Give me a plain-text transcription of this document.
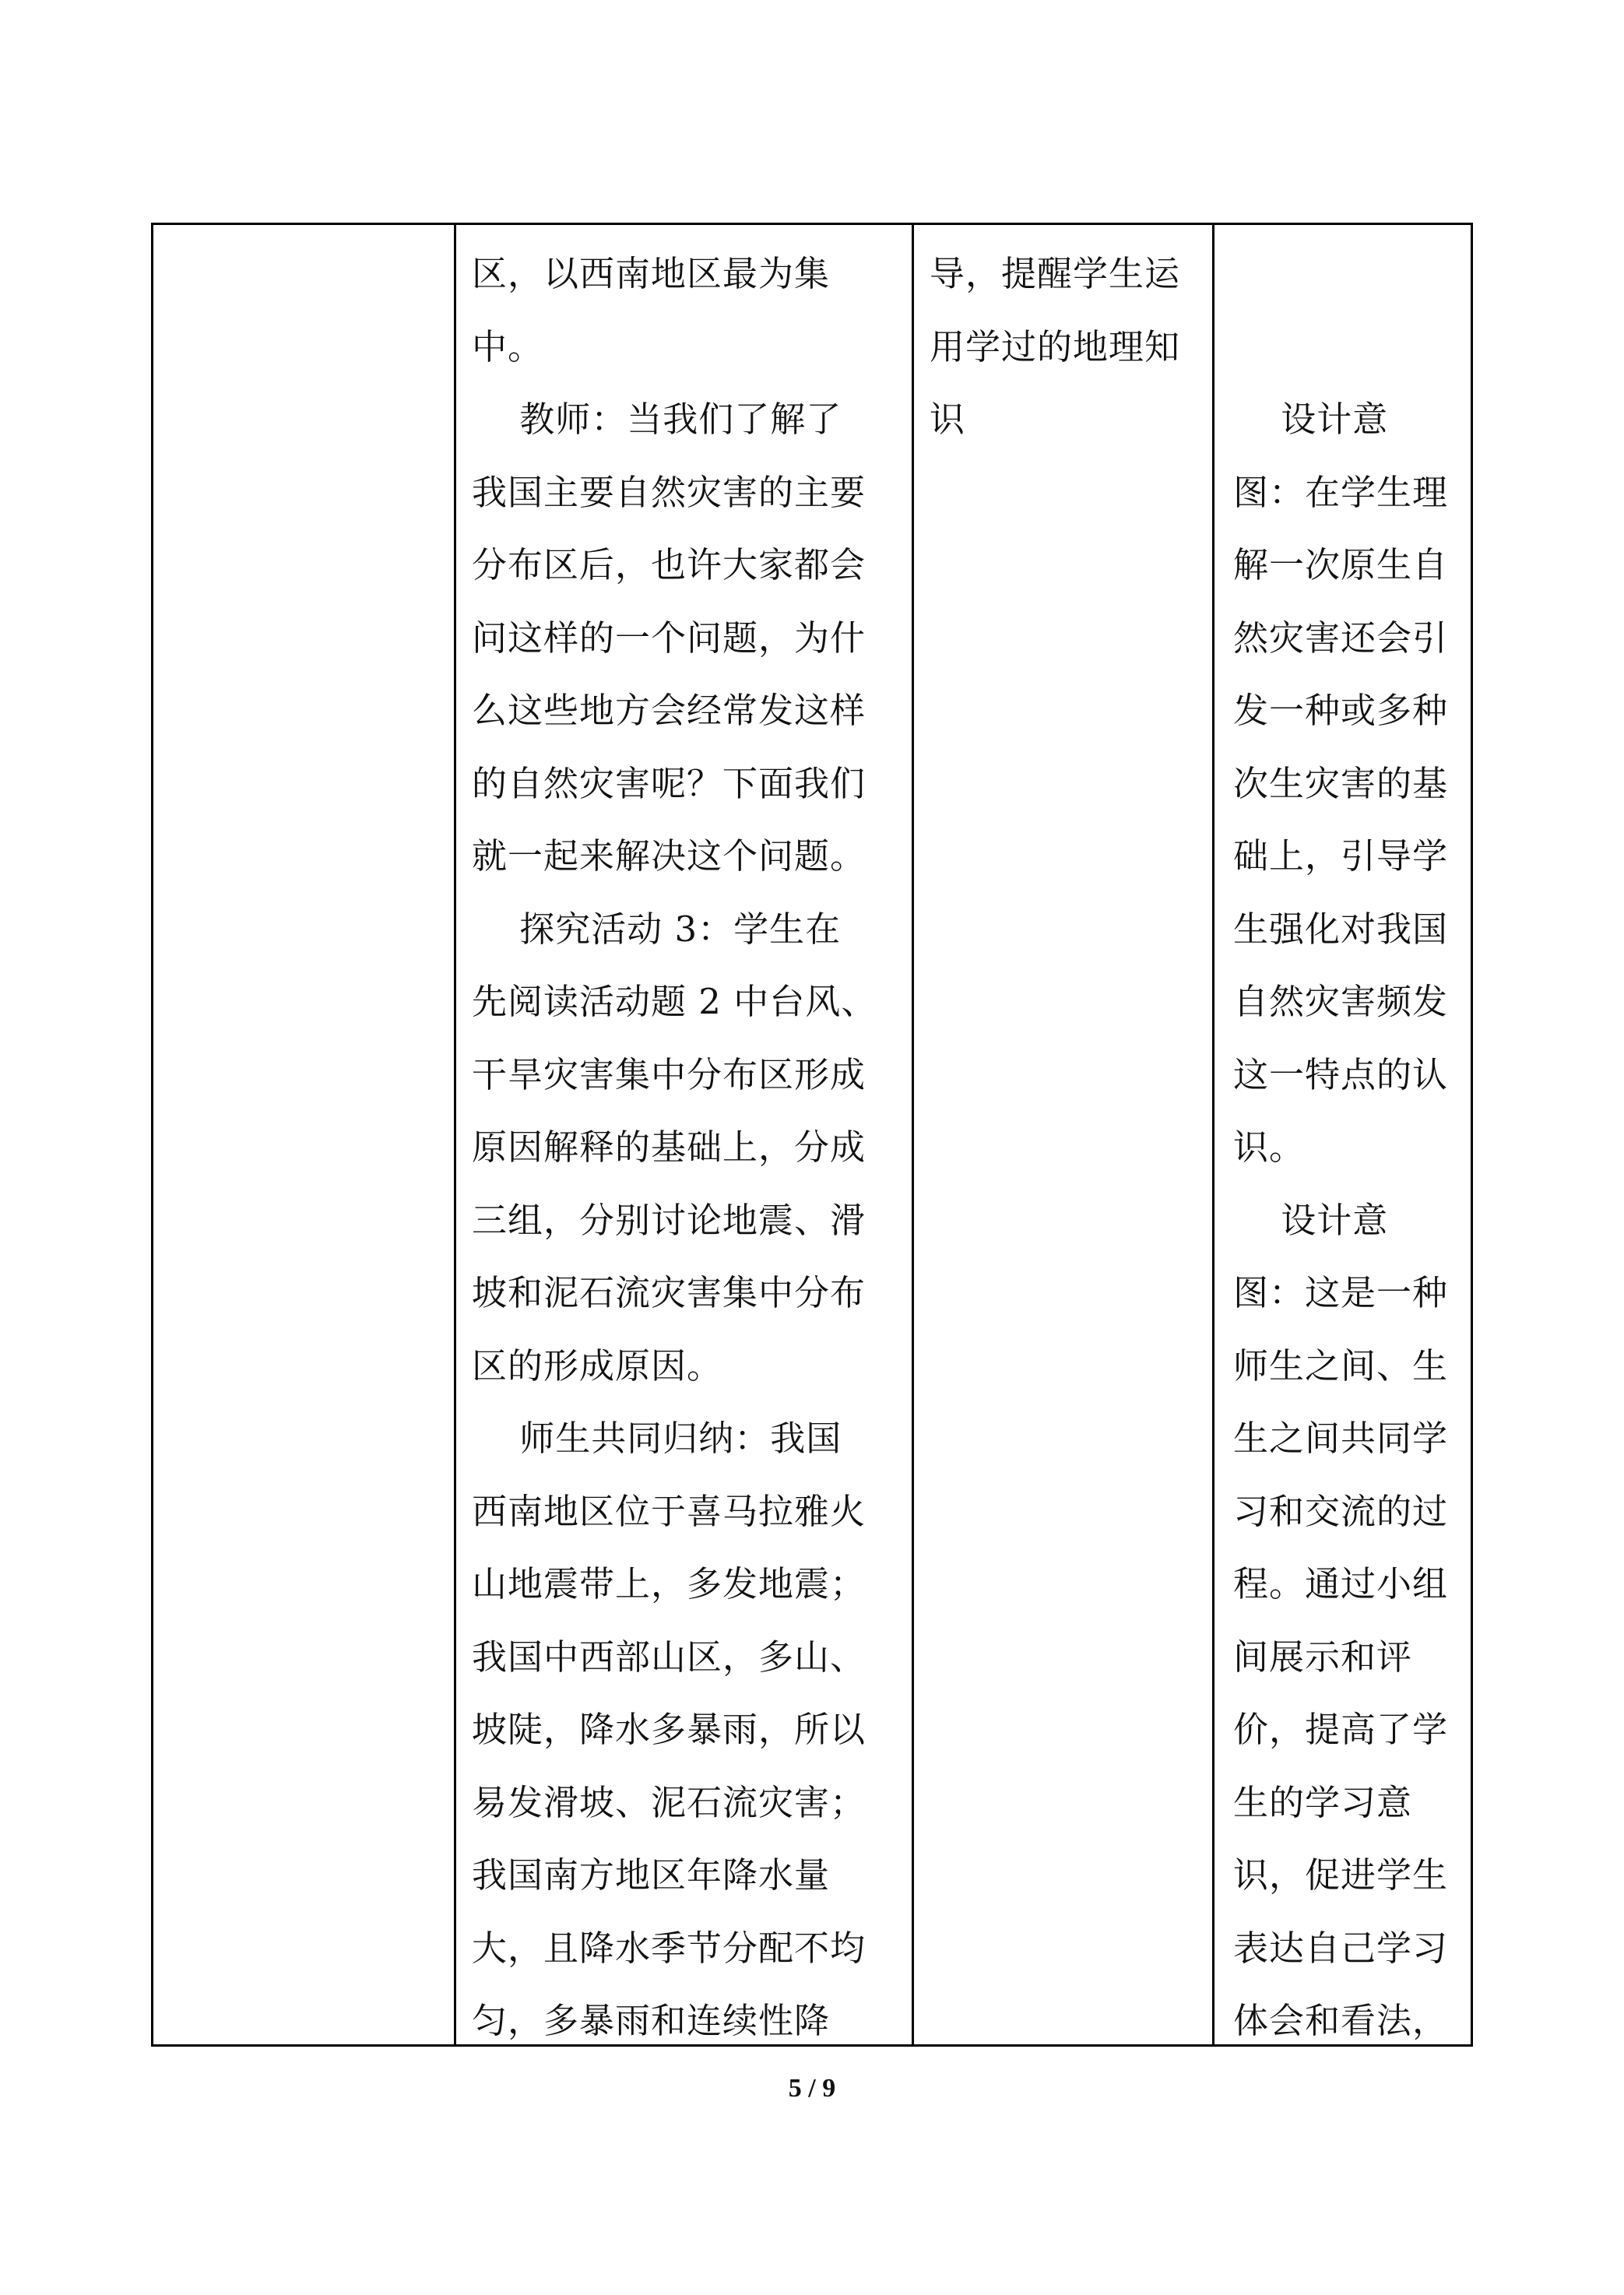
区，以西南地区最为集
中。
教师：当我们了解了
我国主要自然灾害的主要
分布区后，也许大家都会
问这样的一个问题，为什
么这些地方会经常发这样
的自然灾害呢？下面我们
就一起来解决这个问题。
探究活动 3：学生在
先阅读活动题 2 中台风、
干旱灾害集中分布区形成
原因解释的基础上，分成
三组，分别讨论地震、滑
坡和泥石流灾害集中分布
区的形成原因。
师生共同归纳：我国
西南地区位于喜马拉雅火
山地震带上，多发地震；
我国中西部山区，多山、
坡陡，降水多暴雨，所以
易发滑坡、泥石流灾害；
我国南方地区年降水量
大，且降水季节分配不均
匀，多暴雨和连续性降
导，提醒学生运
用学过的地理知
识	设计意
图：在学生理
解一次原生自
然灾害还会引
发一种或多种
次生灾害的基
础上，引导学
生强化对我国
自然灾害频发
这一特点的认
识。
设计意
图：这是一种
师生之间、生
生之间共同学
习和交流的过
程。通过小组
间展示和评
价，提高了学
生的学习意
识，促进学生
表达自己学习
体会和看法，
5 / 9
